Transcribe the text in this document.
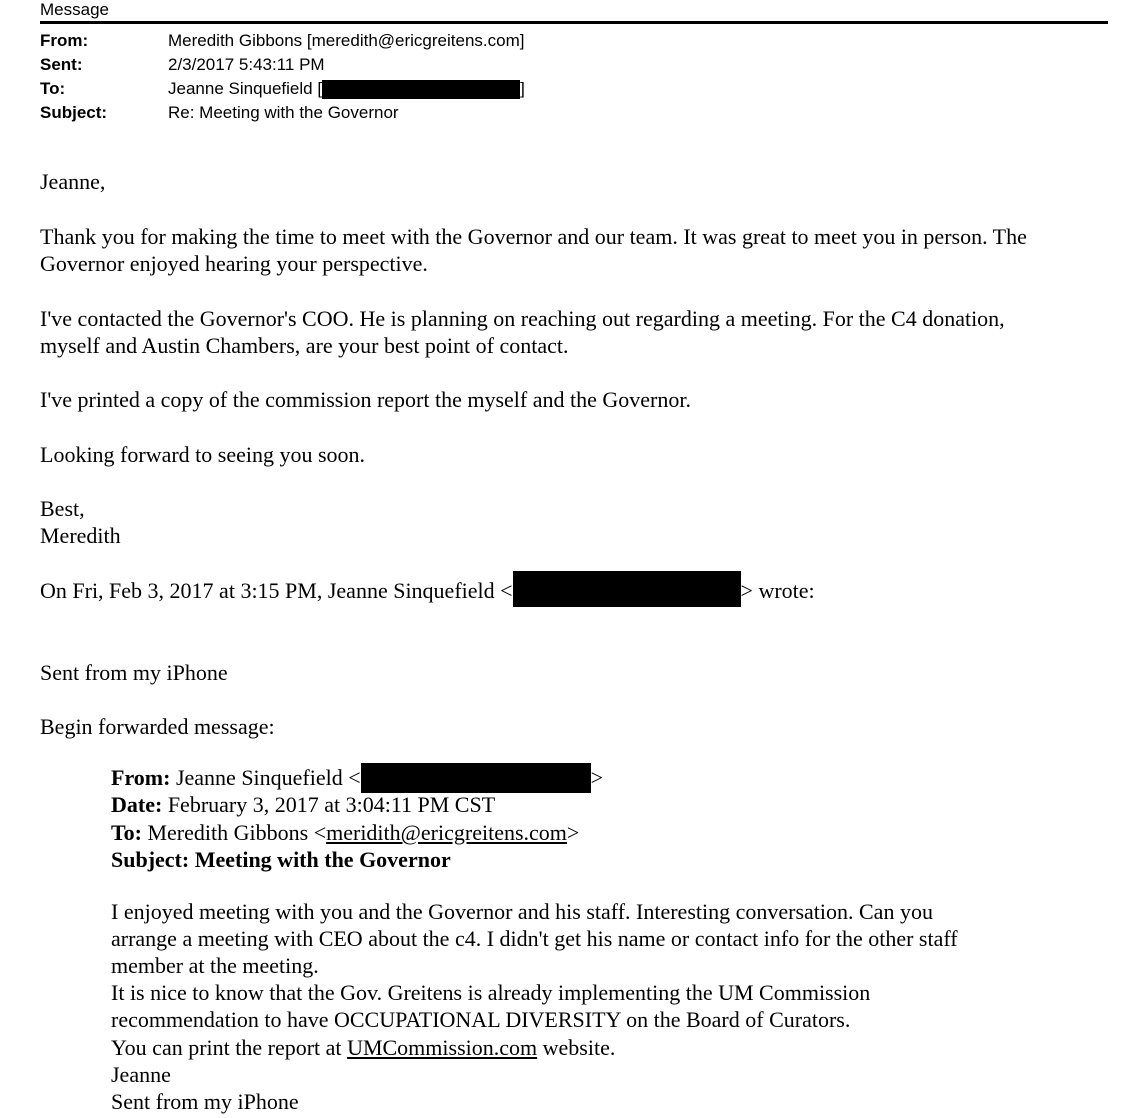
Message
From:	Meredith Gibbons [meredith@ericgreitens.com]
Sent:	2/3/2017 5:43:11 PM
To:	Jeanne Sinquefield [	]
Subject:	Re: Meeting with the Governor
Jeanne,
Thank you for making the time to meet with the Governor and our team. It was great to meet you in person. The
Governor enjoyed hearing your perspective.
I've contacted the Governor's COO. He is planning on reaching out regarding a meeting. For the C4 donation,
myself and Austin Chambers, are your best point of contact.
I've printed a copy of the commission report the myself and the Governor.
Looking forward to seeing you soon.
Best,
Meredith
On Fri, Feb 3, 2017 at 3:15 PM, Jeanne Sinquefield <	> wrote:
Sent from my iPhone
Begin forwarded message:
From: Jeanne Sinquefield <	>
Date: February 3, 2017 at 3:04:11 PM CST
To: Meredith Gibbons <meridith@ericgreitens.com>
Subject: Meeting with the Governor
I enjoyed meeting with you and the Governor and his staff. Interesting conversation. Can you
arrange a meeting with CEO about the c4. I didn't get his name or contact info for the other staff
member at the meeting.
It is nice to know that the Gov. Greitens is already implementing the UM Commission
recommendation to have OCCUPATIONAL DIVERSITY on the Board of Curators.
You can print the report at UMCommission.com website.
Jeanne
Sent from my iPhone
